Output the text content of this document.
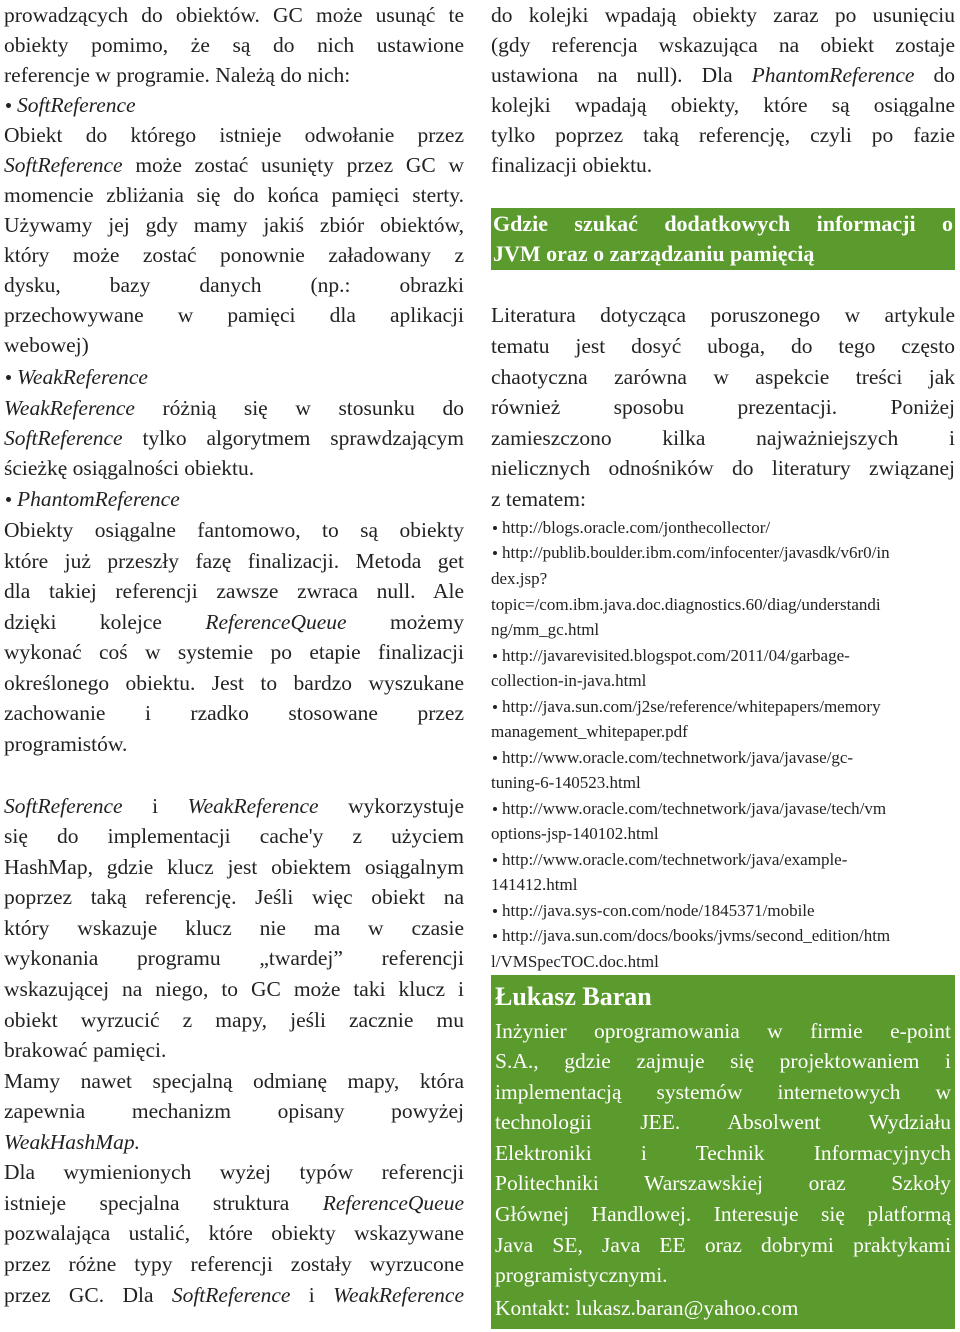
prowadzących do obiektów. GC może usunąć te
obiekty pomimo, że są do nich ustawione
referencje w programie. Należą do nich:
SoftReference
Obiekt do którego istnieje odwołanie przez
SoftReference może zostać usunięty przez GC w
momencie zbliżania się do końca pamięci sterty.
Używamy jej gdy mamy jakiś zbiór obiektów,
który może zostać ponownie załadowany z
dysku, bazy danych (np.: obrazki
przechowywane w pamięci dla aplikacji
webowej)
WeakReference
WeakReference różnią się w stosunku do
SoftReference tylko algorytmem sprawdzającym
ścieżkę osiągalności obiektu.
PhantomReference
Obiekty osiągalne fantomowo, to są obiekty
które już przeszły fazę finalizacji. Metoda get
dla takiej referencji zawsze zwraca null. Ale
dzięki kolejce ReferenceQueue możemy
wykonać coś w systemie po etapie finalizacji
określonego obiektu. Jest to bardzo wyszukane
zachowanie i rzadko stosowane przez
programistów.
SoftReference i WeakReference wykorzystuje
się do implementacji cache'y z użyciem
HashMap, gdzie klucz jest obiektem osiągalnym
poprzez taką referencję. Jeśli więc obiekt na
który wskazuje klucz nie ma w czasie
wykonania programu „twardej” referencji
wskazującej na niego, to GC może taki klucz i
obiekt wyrzucić z mapy, jeśli zacznie mu
brakować pamięci.
Mamy nawet specjalną odmianę mapy, która
zapewnia mechanizm opisany powyżej
WeakHashMap.
Dla wymienionych wyżej typów referencji
istnieje specjalna struktura ReferenceQueue
pozwalająca ustalić, które obiekty wskazywane
przez różne typy referencji zostały wyrzucone
przez GC. Dla SoftReference i WeakReference
do kolejki wpadają obiekty zaraz po usunięciu
(gdy referencja wskazująca na obiekt zostaje
ustawiona na null). Dla PhantomReference do
kolejki wpadają obiekty, które są osiągalne
tylko poprzez taką referencję, czyli po fazie
finalizacji obiektu.
Literatura dotycząca poruszonego w artykule
tematu jest dosyć uboga, do tego często
chaotyczna zarówna w aspekcie treści jak
również sposobu prezentacji. Poniżej
zamieszczono kilka najważniejszych i
nielicznych odnośników do literatury związanej
z tematem:
http://blogs.oracle.com/jonthecollector/
http://publib.boulder.ibm.com/infocenter/javasdk/v6r0/in
dex.jsp?
topic=/com.ibm.java.doc.diagnostics.60/diag/understandi
ng/mm_gc.html
http://javarevisited.blogspot.com/2011/04/garbage-
collection-in-java.html
http://java.sun.com/j2se/reference/whitepapers/memory
management_whitepaper.pdf
http://www.oracle.com/technetwork/java/javase/gc-
tuning-6-140523.html
http://www.oracle.com/technetwork/java/javase/tech/vm
options-jsp-140102.html
http://www.oracle.com/technetwork/java/example-
141412.html
http://java.sys-con.com/node/1845371/mobile
http://java.sun.com/docs/books/jvms/second_edition/htm
l/VMSpecTOC.doc.html
Gdzie szukać dodatkowych informacji o
JVM oraz o zarządzaniu pamięcią
Łukasz Baran
Inżynier oprogramowania w firmie e-point
S.A., gdzie zajmuje się projektowaniem i
implementacją systemów internetowych w
technologii JEE. Absolwent Wydziału
Elektroniki i Technik Informacyjnych
Politechniki Warszawskiej oraz Szkoły
Głównej Handlowej. Interesuje się platformą
Java SE, Java EE oraz dobrymi praktykami
programistycznymi.
Kontakt: lukasz.baran@yahoo.com
